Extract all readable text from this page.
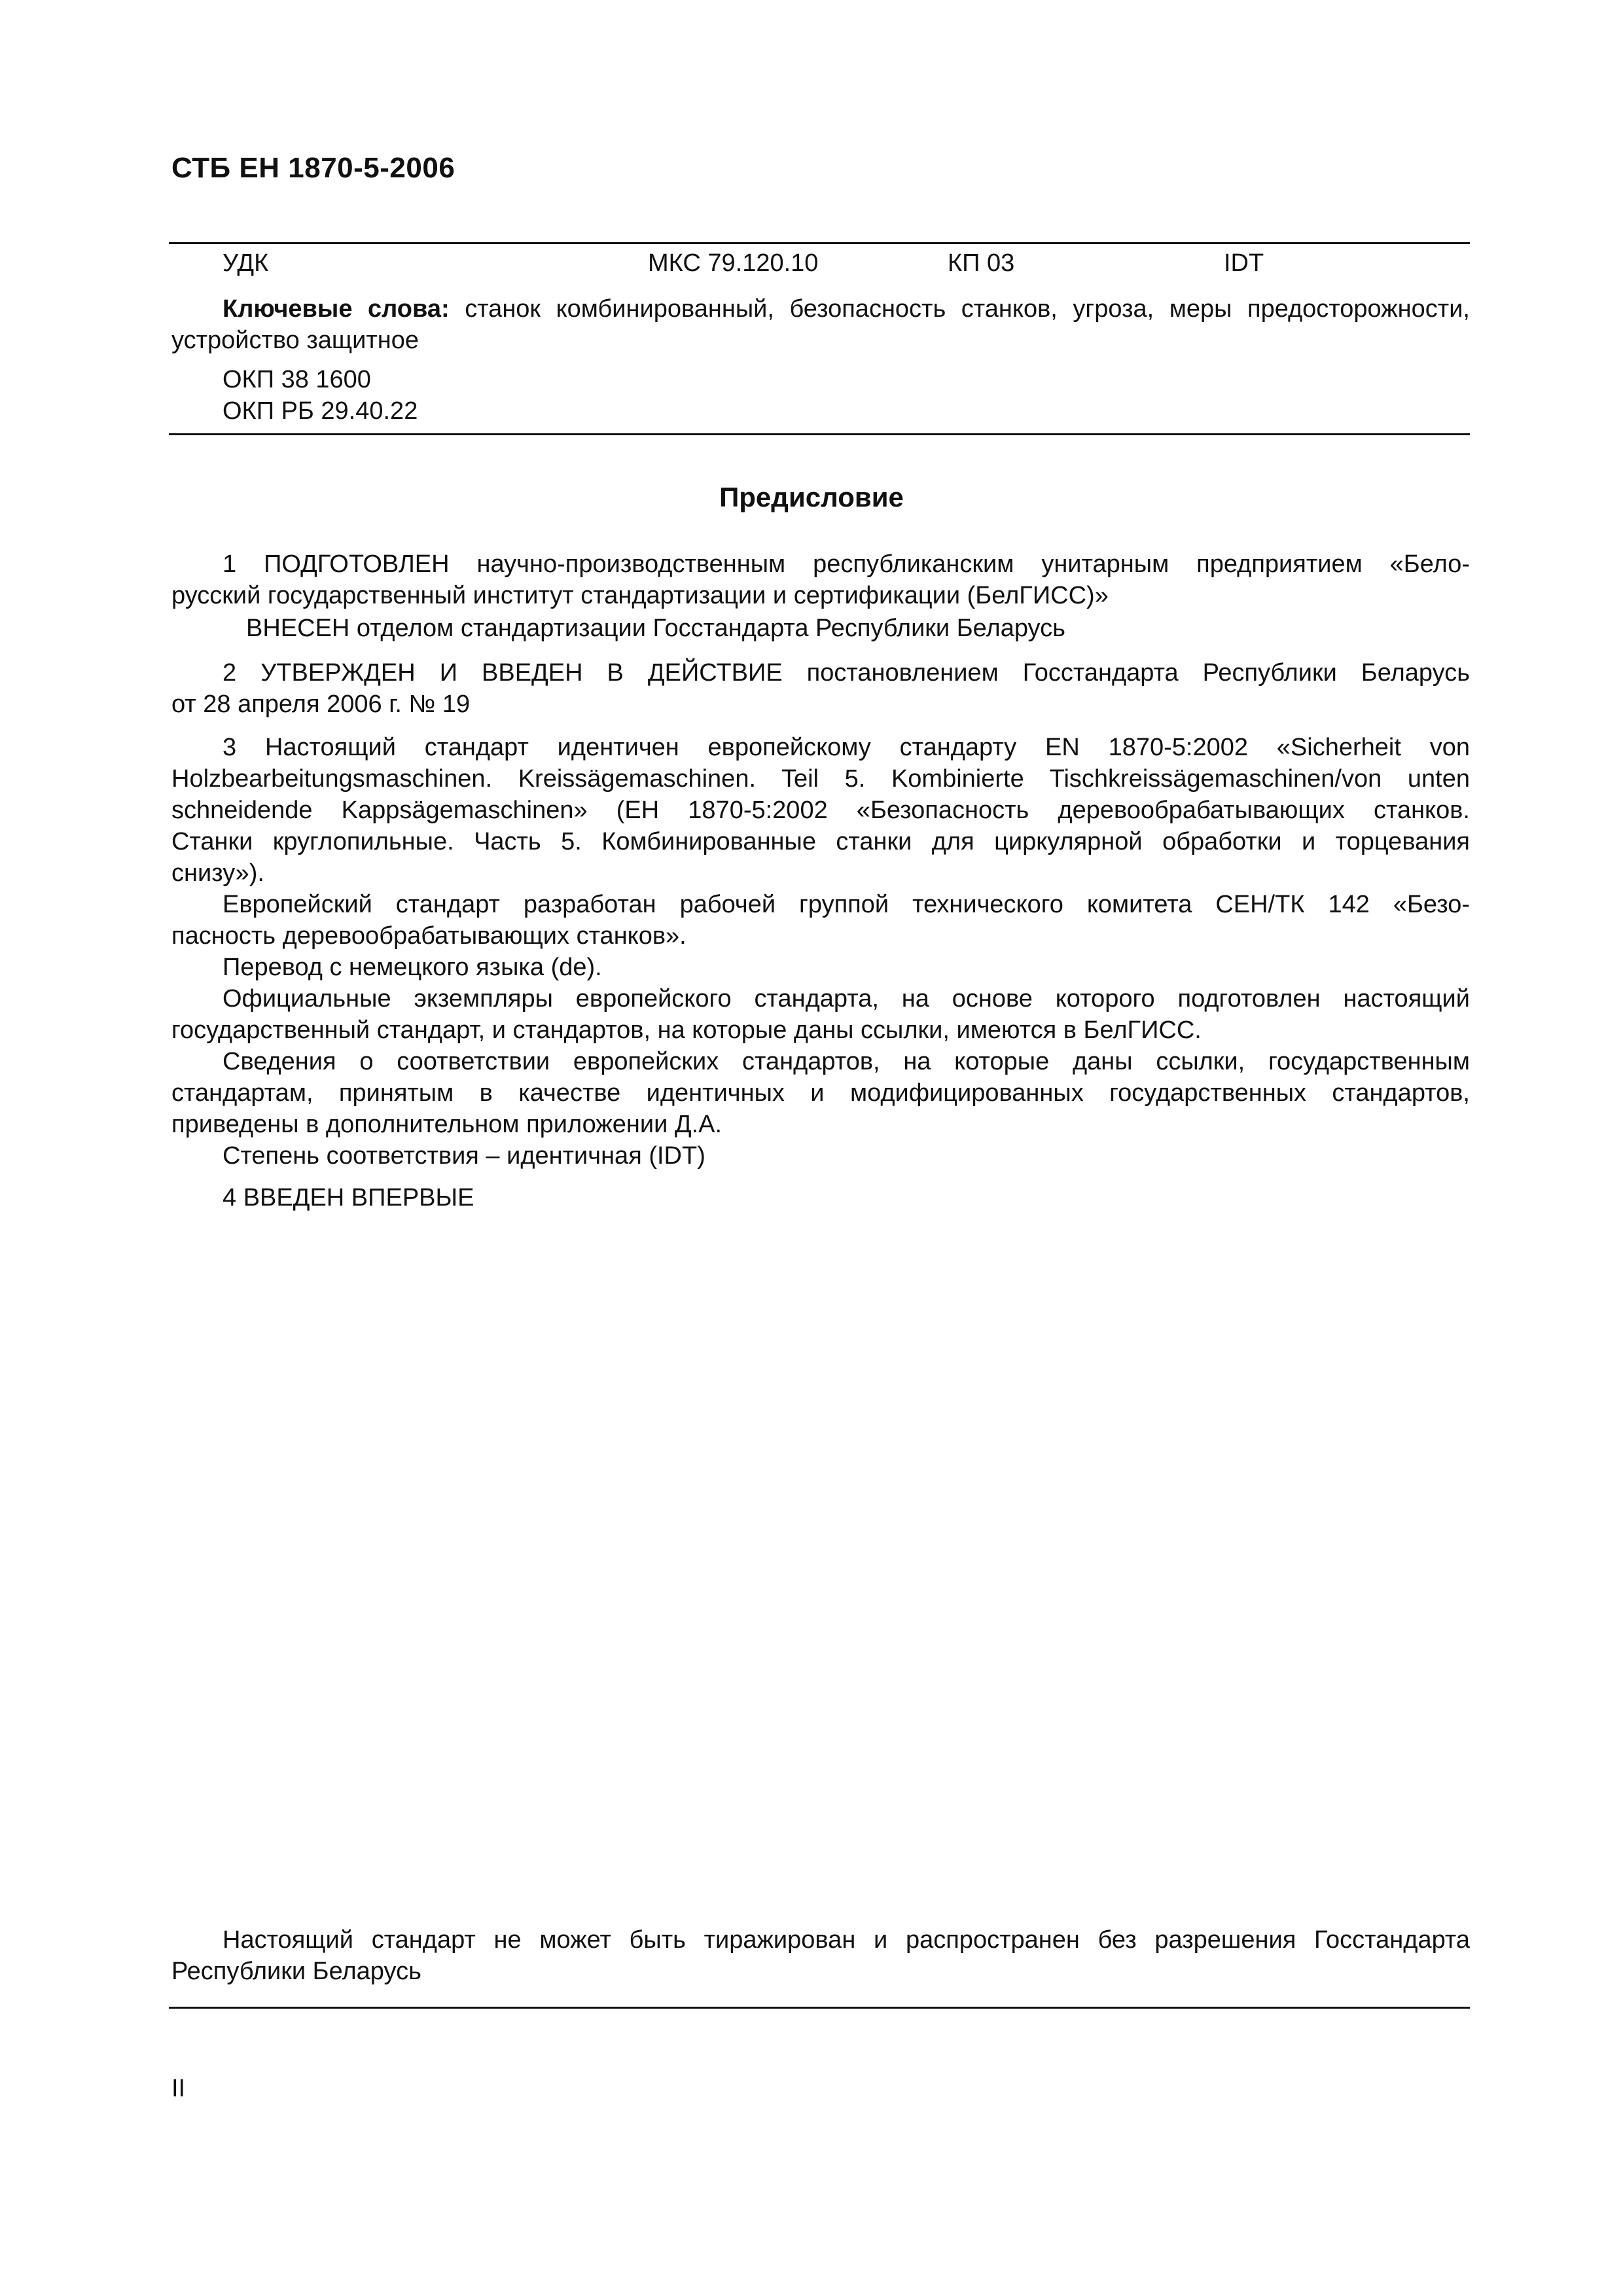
СТБ ЕН 1870-5-2006
УДК	МКС 79.120.10	КП 03	IDT
Ключевые слова: станок комбинированный, безопасность станков, угроза, меры предосторожности,
устройство защитное
ОКП 38 1600
ОКП РБ 29.40.22
Предисловие
1 ПОДГОТОВЛЕН научно-производственным республиканским унитарным предприятием «Бело-
русский государственный институт стандартизации и сертификации (БелГИСС)»
ВНЕСЕН отделом стандартизации Госстандарта Республики Беларусь
2 УТВЕРЖДЕН И ВВЕДЕН В ДЕЙСТВИЕ постановлением Госстандарта Республики Беларусь
от 28 апреля 2006 г. № 19
3 Настоящий стандарт идентичен европейскому стандарту EN 1870-5:2002 «Sicherheit von
Holzbearbeitungsmaschinen. Kreissägemaschinen. Teil 5. Kombinierte Tischkreissägemaschinen/von unten
schneidende Kappsägemaschinen» (ЕН 1870-5:2002 «Безопасность деревообрабатывающих станков.
Станки круглопильные. Часть 5. Комбинированные станки для циркулярной обработки и торцевания
снизу»).
Европейский стандарт разработан рабочей группой технического комитета СЕН/ТК 142 «Безо-
пасность деревообрабатывающих станков».
Перевод с немецкого языка (de).
Официальные экземпляры европейского стандарта, на основе которого подготовлен настоящий
государственный стандарт, и стандартов, на которые даны ссылки, имеются в БелГИСС.
Сведения о соответствии европейских стандартов, на которые даны ссылки, государственным
стандартам, принятым в качестве идентичных и модифицированных государственных стандартов,
приведены в дополнительном приложении Д.А.
Степень соответствия – идентичная (IDT)
4 ВВЕДЕН ВПЕРВЫЕ
Настоящий стандарт не может быть тиражирован и распространен без разрешения Госстандарта
Республики Беларусь
II
